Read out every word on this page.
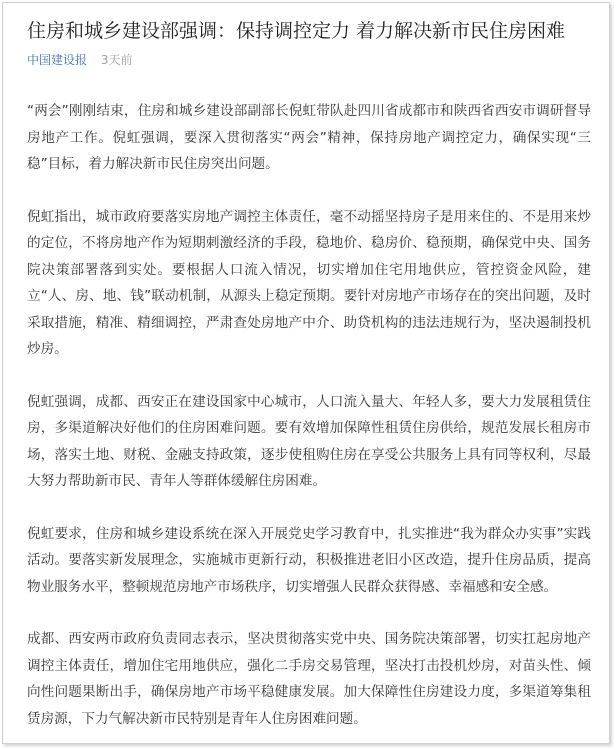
住房和城乡建设部强调：保持调控定力 着力解决新市民住房困难
中国建设报 3天前

“两会”刚刚结束，住房和城乡建设部副部长倪虹带队赴四川省成都市和陕西省西安市调研督导房地产工作。倪虹强调，要深入贯彻落实“两会”精神，保持房地产调控定力，确保实现“三稳”目标，着力解决新市民住房突出问题。

倪虹指出，城市政府要落实房地产调控主体责任，毫不动摇坚持房子是用来住的、不是用来炒的定位，不将房地产作为短期刺激经济的手段，稳地价、稳房价、稳预期，确保党中央、国务院决策部署落到实处。要根据人口流入情况，切实增加住宅用地供应，管控资金风险，建立“人、房、地、钱”联动机制，从源头上稳定预期。要针对房地产市场存在的突出问题，及时采取措施，精准、精细调控，严肃查处房地产中介、助贷机构的违法违规行为，坚决遏制投机炒房。

倪虹强调，成都、西安正在建设国家中心城市，人口流入量大、年轻人多，要大力发展租赁住房，多渠道解决好他们的住房困难问题。要有效增加保障性租赁住房供给，规范发展长租房市场，落实土地、财税、金融支持政策，逐步使租购住房在享受公共服务上具有同等权利，尽最大努力帮助新市民、青年人等群体缓解住房困难。

倪虹要求，住房和城乡建设系统在深入开展党史学习教育中，扎实推进“我为群众办实事”实践活动。要落实新发展理念，实施城市更新行动，积极推进老旧小区改造，提升住房品质，提高物业服务水平，整顿规范房地产市场秩序，切实增强人民群众获得感、幸福感和安全感。

成都、西安两市政府负责同志表示，坚决贯彻落实党中央、国务院决策部署，切实扛起房地产调控主体责任，增加住宅用地供应，强化二手房交易管理，坚决打击投机炒房，对苗头性、倾向性问题果断出手，确保房地产市场平稳健康发展。加大保障性住房建设力度，多渠道筹集租赁房源，下力气解决新市民特别是青年人住房困难问题。
